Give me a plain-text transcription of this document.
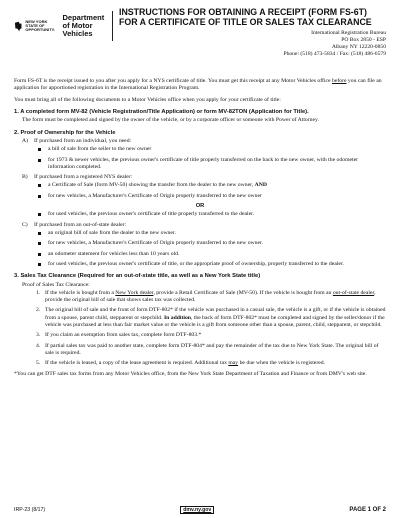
NEW YORK STATE OF OPPORTUNITY.
Department of Motor Vehicles
INSTRUCTIONS FOR OBTAINING A RECEIPT (FORM FS-6T)
FOR A CERTIFICATE OF TITLE OR SALES TAX CLEARANCE
International Registration Bureau
PO Box 2850 - ESP
Albany NY 12220-0850
Phone: (518) 473-5834 / Fax: (518) 486-6579

Form FS-6T is the receipt issued to you after you apply for a NYS certificate of title. You must get this receipt at any Motor Vehicles office before you can file an application for apportioned registration in the International Registration Program.

You must bring all of the following documents to a Motor Vehicles office when you apply for your certificate of title:

1. A completed form MV-82 (Vehicle Registration/Title Application) or form MV-82TON (Application for Title).

The form must be completed and signed by the owner of the vehicle, or by a corporate officer or someone with Power of Attorney.

2. Proof of Ownership for the Vehicle
A)	If purchased from an individual, you need:
a bill of sale from the seller to the new owner
for 1973 & newer vehicles, the previous owner's certificate of title properly transferred on the back to the new owner, with the odometer information completed.
B)	If purchased from a registered NYS dealer:
a Certificate of Sale (form MV-50) showing the transfer from the dealer to the new owner, AND
for new vehicles, a Manufacturer's Certificate of Origin properly transferred to the new owner
OR
for used vehicles, the previous owner's certificate of title properly transferred to the dealer.
C)	If purchased from an out-of-state dealer:
an original bill of sale from the dealer to the new owner.
for new vehicles, a Manufacturer's Certificate of Origin properly transferred to the new owner.
an odometer statement for vehicles less than 10 years old.
for used vehicles, the previous owner's certificate of title, or the appropriate proof of ownership, properly transferred to the dealer.
3. Sales Tax Clearance (Required for an out-of-state title, as well as a New York State title)
Proof of Sales Tax Clearance:
1. If the vehicle is bought from a New York dealer, provide a Retail Certificate of Sale (MV-50). If the vehicle is bought from an out-of-state dealer, provide the original bill of sale that shows sales tax was collected.
2. The original bill of sale and the front of form DTF-802* if the vehicle was purchased in a casual sale, the vehicle is a gift, or if the vehicle is obtained from a spouse, parent child, stepparent or stepchild. In addition, the back of form DTF-802* must be completed and signed by the seller/donor if the vehicle was purchased at less than fair market value or the vehicle is a gift from someone other than a spouse, parent, child, stepparent, or stepchild.
3. If you claim an exemption from sales tax, complete form DTF-803.*
4. If partial sales tax was paid to another state, complete form DTF-804* and pay the remainder of the tax due to New York State. The original bill of sale is required.
5. If the vehicle is leased, a copy of the lease agreement is required. Additional tax may be due when the vehicle is registered.

*You can get DTF sales tax forms from any Motor Vehicles office, from the New York State Department of Taxation and Finance or from DMV's web site.

IRP-23 (8/17)	dmv.ny.gov	PAGE 1 OF 2
